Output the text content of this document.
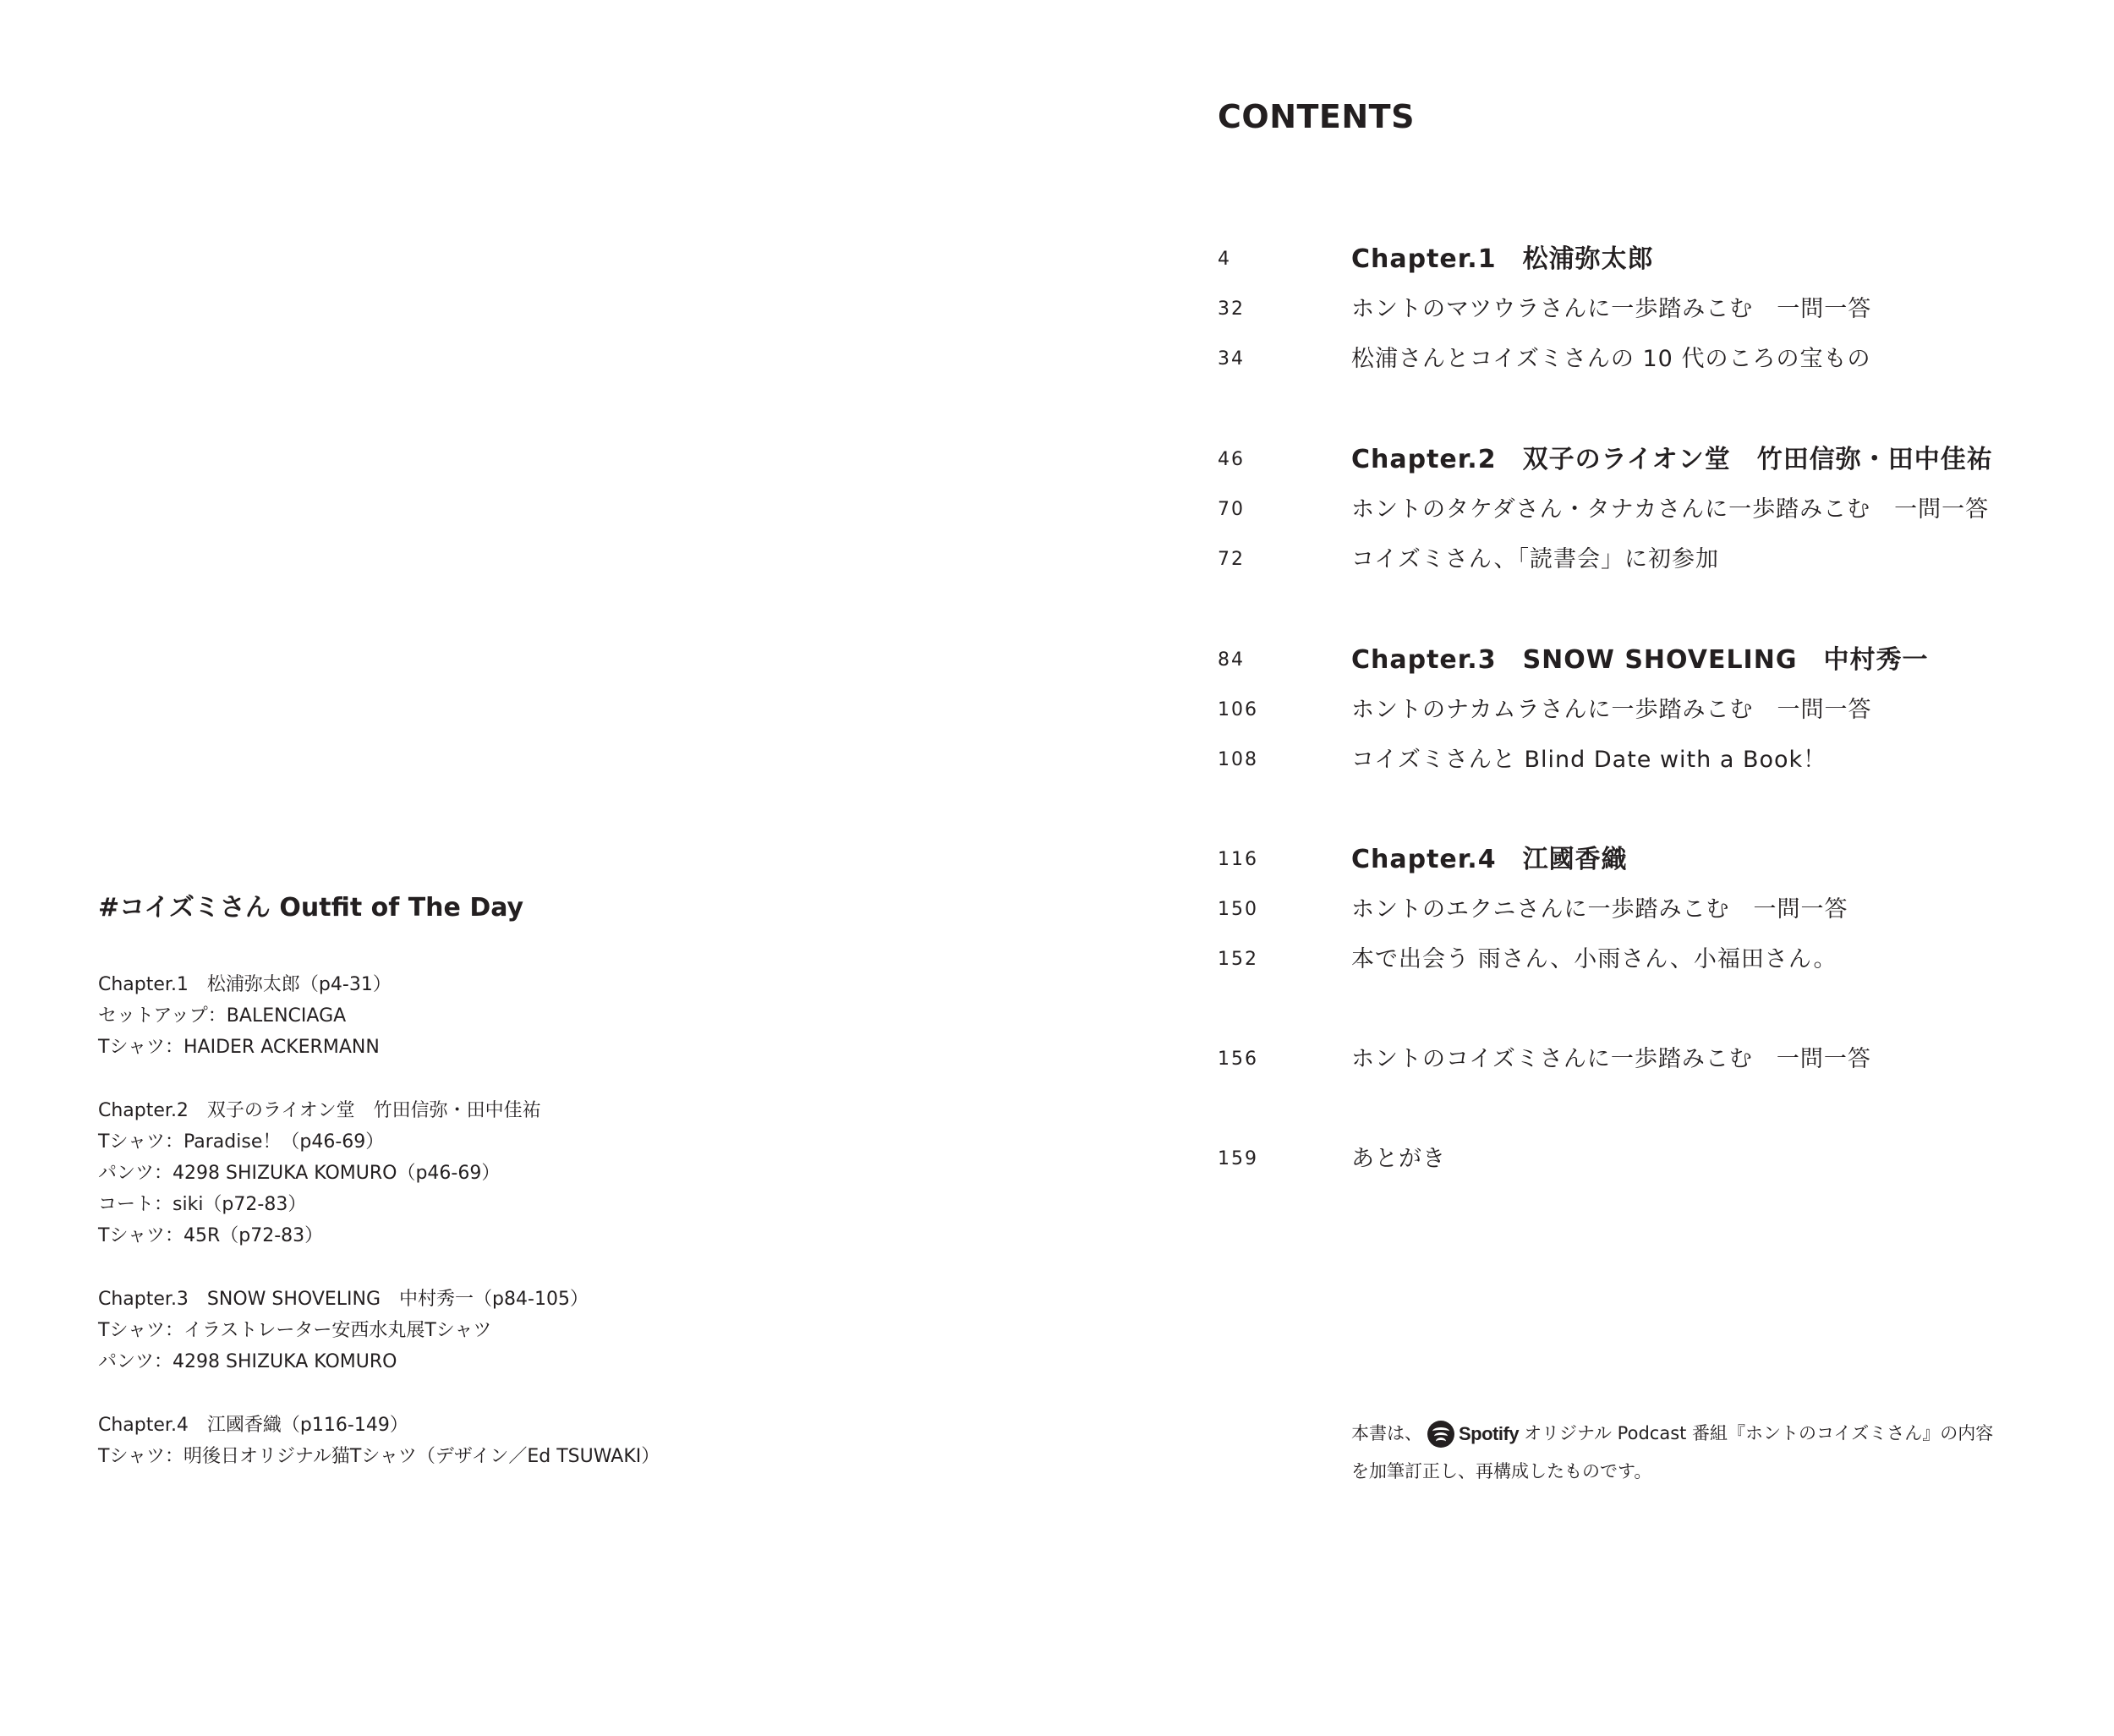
#コイズミさん Outfit of The Day
Chapter.1　松浦弥太郎（p4-31）
セットアップ：BALENCIAGA
Tシャツ：HAIDER ACKERMANN
Chapter.2　双子のライオン堂　竹田信弥・田中佳祐
Tシャツ：Paradise！（p46-69）
パンツ：4298 SHIZUKA KOMURO（p46-69）
コート：siki（p72-83）
Tシャツ：45R（p72-83）
Chapter.3　SNOW SHOVELING　中村秀一（p84-105）
Tシャツ：イラストレーター安西水丸展Tシャツ
パンツ：4298 SHIZUKA KOMURO
Chapter.4　江國香織（p116-149）
Tシャツ：明後日オリジナル猫Tシャツ（デザイン／Ed TSUWAKI）
CONTENTS
4	Chapter.1　松浦弥太郎
32	ホントのマツウラさんに一歩踏みこむ　一問一答
34	松浦さんとコイズミさんの 10 代のころの宝もの
46	Chapter.2　双子のライオン堂　竹田信弥・田中佳祐
70	ホントのタケダさん・タナカさんに一歩踏みこむ　一問一答
72	コイズミさん、「読書会」に初参加
84	Chapter.3　SNOW SHOVELING　中村秀一
106	ホントのナカムラさんに一歩踏みこむ　一問一答
108	コイズミさんと Blind Date with a Book！
116	Chapter.4　江國香織
150	ホントのエクニさんに一歩踏みこむ　一問一答
152	本で出会う 雨さん、小雨さん、小福田さん。
156	ホントのコイズミさんに一歩踏みこむ　一問一答
159	あとがき
本書は、 Spotify オリジナル Podcast 番組『ホントのコイズミさん』の内容
を加筆訂正し、再構成したものです。
